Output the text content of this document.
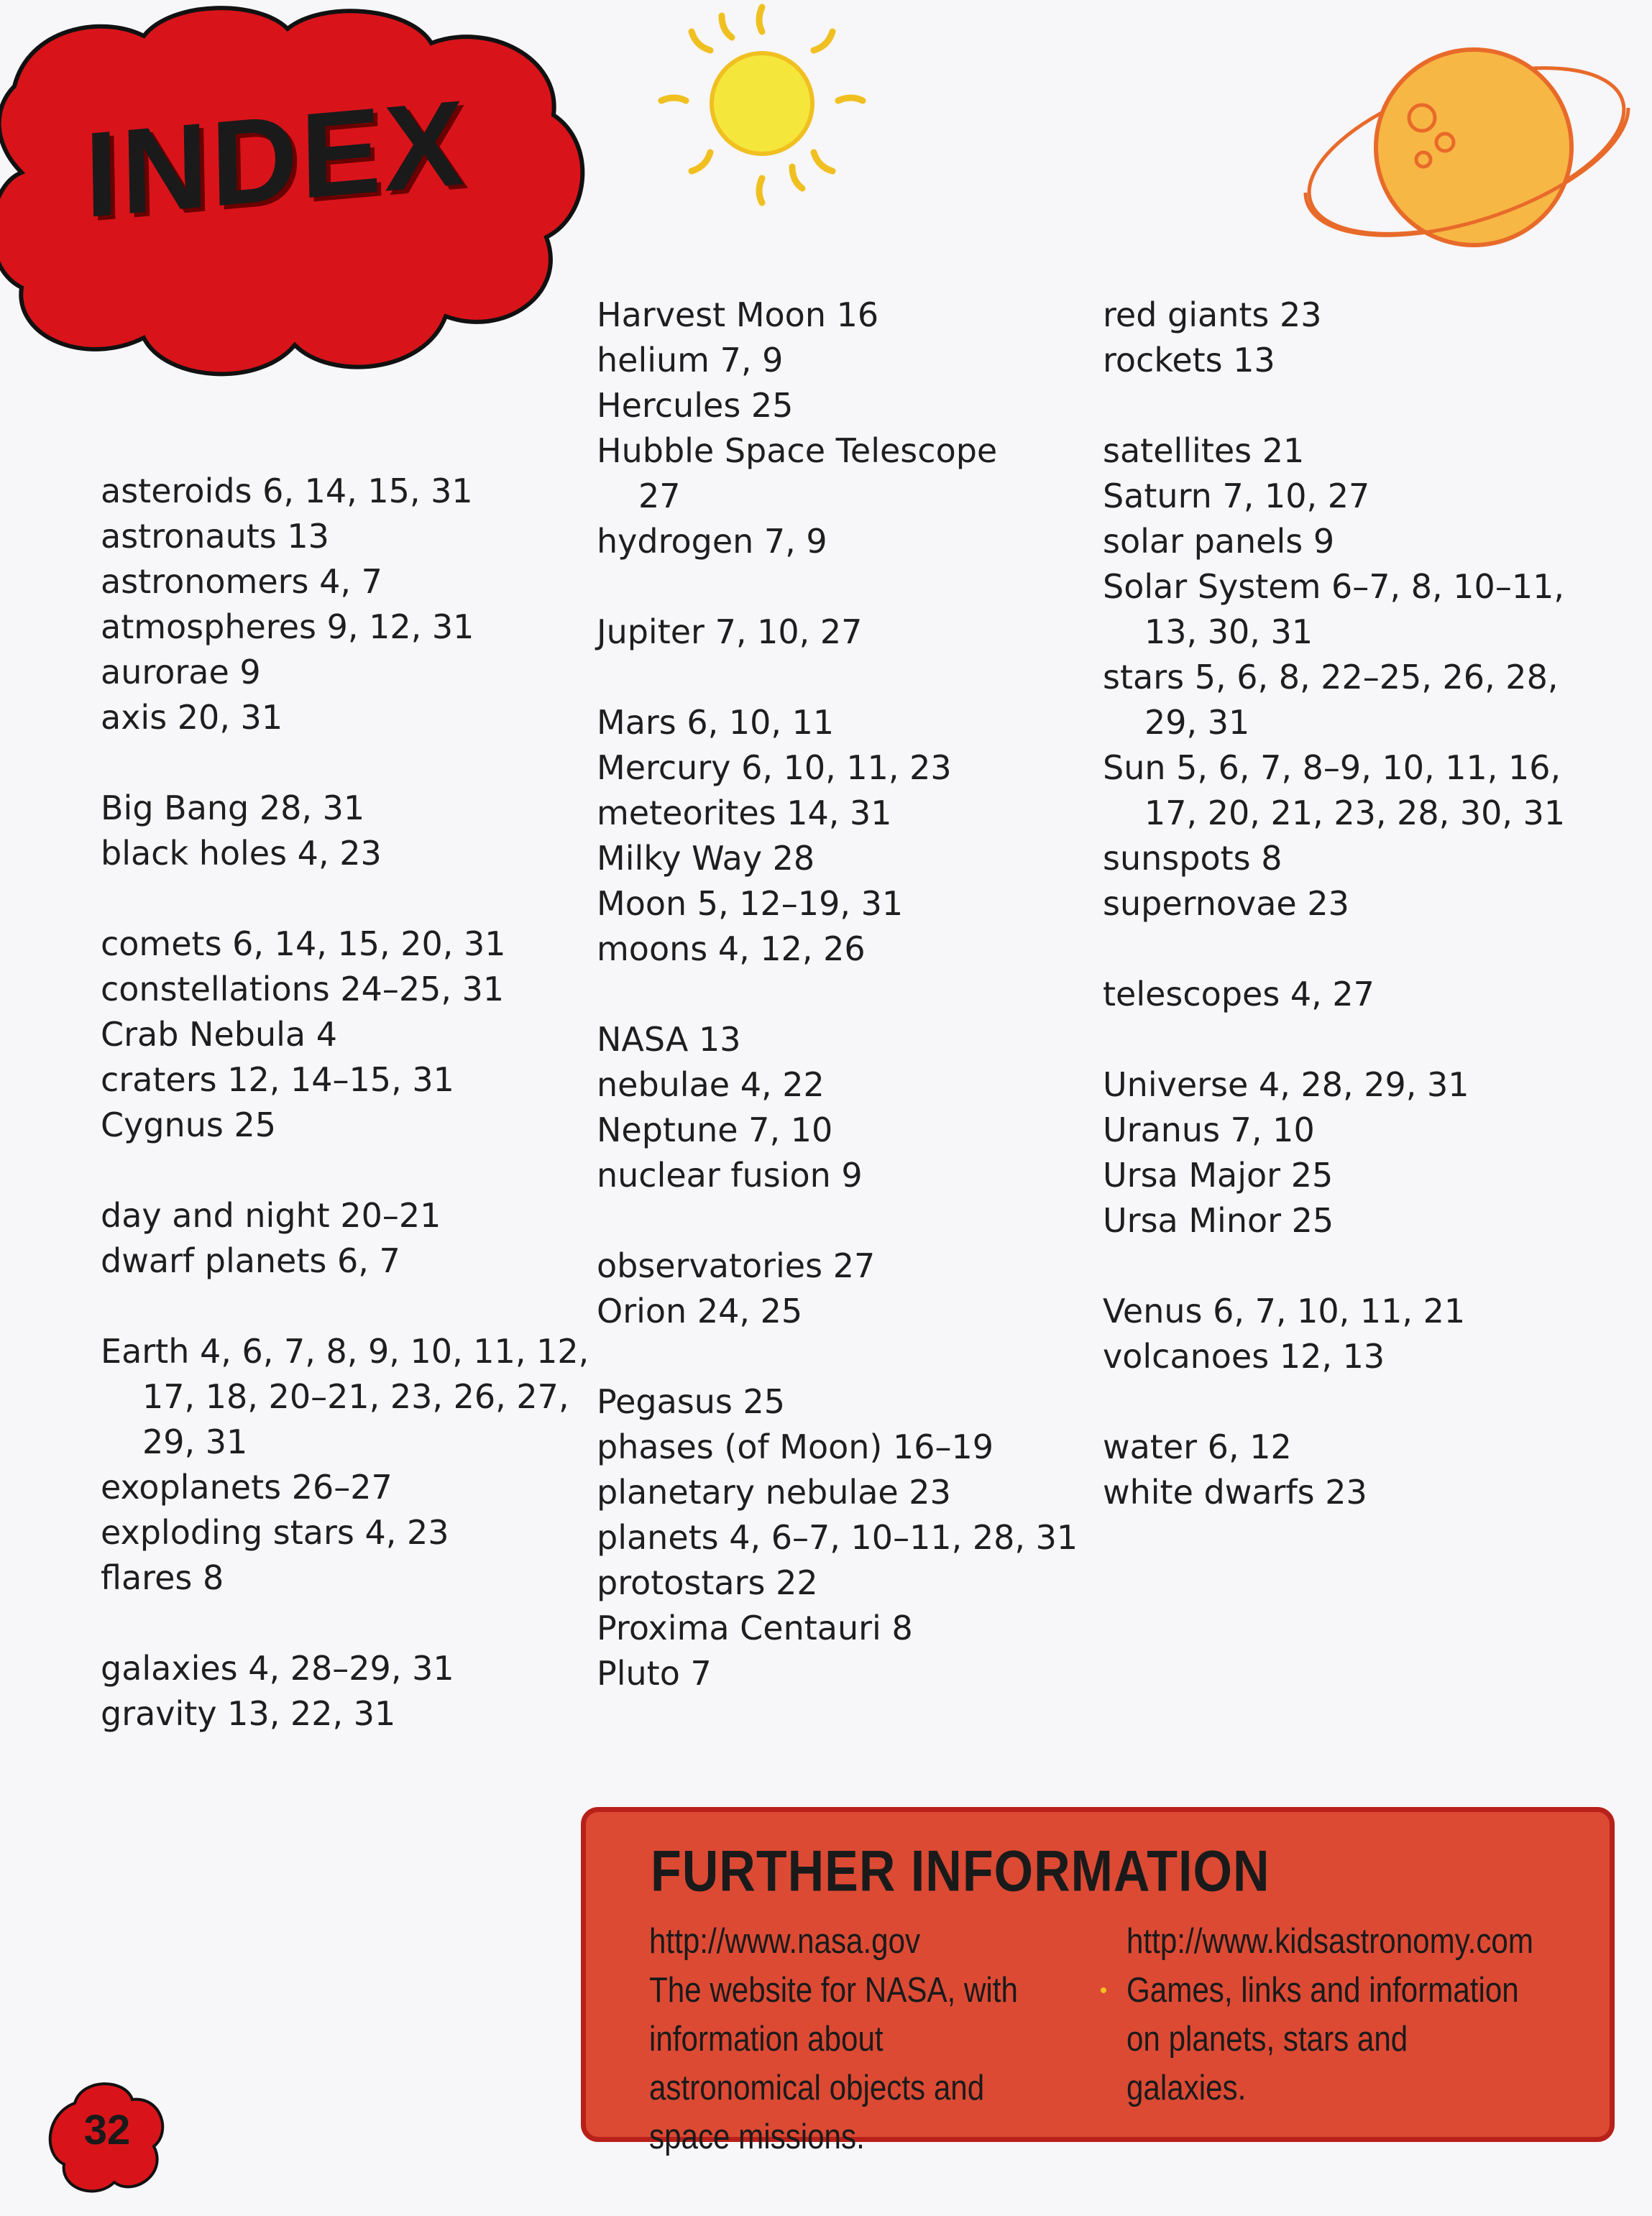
INDEX
asteroids 6, 14, 15, 31
astronauts 13
astronomers 4, 7
atmospheres 9, 12, 31
aurorae 9
axis 20, 31
Big Bang 28, 31
black holes 4, 23
comets 6, 14, 15, 20, 31
constellations 24–25, 31
Crab Nebula 4
craters 12, 14–15, 31
Cygnus 25
day and night 20–21
dwarf planets 6, 7
Earth 4, 6, 7, 8, 9, 10, 11, 12,
17, 18, 20–21, 23, 26, 27,
29, 31
exoplanets 26–27
exploding stars 4, 23
flares 8
galaxies 4, 28–29, 31
gravity 13, 22, 31
Harvest Moon 16
helium 7, 9
Hercules 25
Hubble Space Telescope
27
hydrogen 7, 9
Jupiter 7, 10, 27
Mars 6, 10, 11
Mercury 6, 10, 11, 23
meteorites 14, 31
Milky Way 28
Moon 5, 12–19, 31
moons 4, 12, 26
NASA 13
nebulae 4, 22
Neptune 7, 10
nuclear fusion 9
observatories 27
Orion 24, 25
Pegasus 25
phases (of Moon) 16–19
planetary nebulae 23
planets 4, 6–7, 10–11, 28, 31
protostars 22
Proxima Centauri 8
Pluto 7
red giants 23
rockets 13
satellites 21
Saturn 7, 10, 27
solar panels 9
Solar System 6–7, 8, 10–11,
13, 30, 31
stars 5, 6, 8, 22–25, 26, 28,
29, 31
Sun 5, 6, 7, 8–9, 10, 11, 16,
17, 20, 21, 23, 28, 30, 31
sunspots 8
supernovae 23
telescopes 4, 27
Universe 4, 28, 29, 31
Uranus 7, 10
Ursa Major 25
Ursa Minor 25
Venus 6, 7, 10, 11, 21
volcanoes 12, 13
water 6, 12
white dwarfs 23
FURTHER INFORMATION
http://www.nasa.gov
The website for NASA, with information about astronomical objects and space missions.
http://www.kidsastronomy.com
Games, links and information on planets, stars and galaxies.
32
